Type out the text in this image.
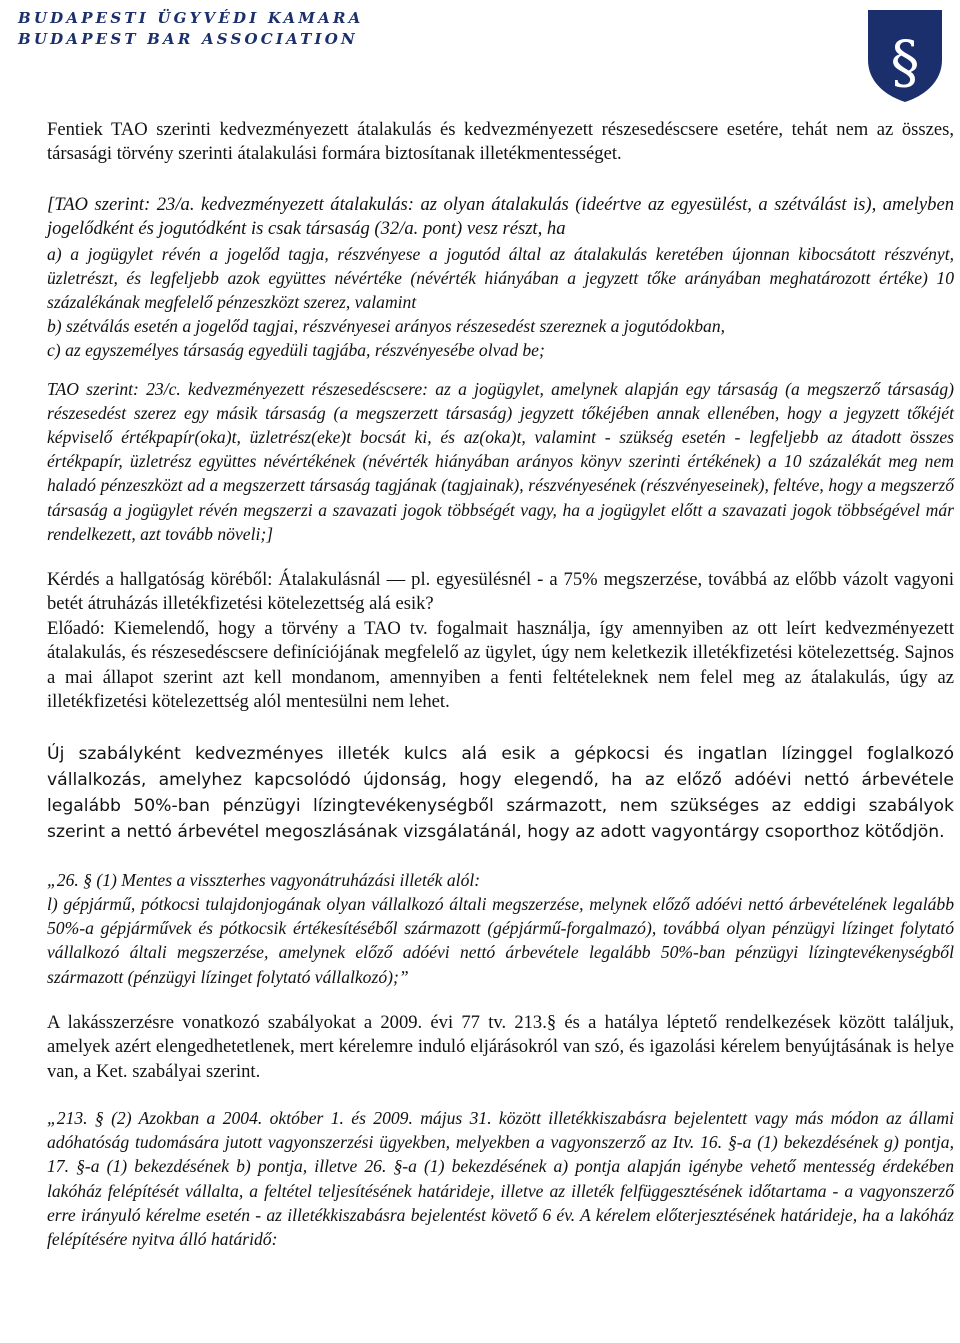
BUDAPESTI ÜGYVÉDI KAMARA
BUDAPEST BAR ASSOCIATION	§

Fentiek TAO szerinti kedvezményezett átalakulás és kedvezményezett részesedéscsere esetére, tehát nem az összes, társasági törvény szerinti átalakulási formára biztosítanak illetékmentességet.

[TAO szerint: 23/a. kedvezményezett átalakulás: az olyan átalakulás (ideértve az egyesülést, a szétválást is), amelyben jogelődként és jogutódként is csak társaság (32/a. pont) vesz részt, ha

a) a jogügylet révén a jogelőd tagja, részvényese a jogutód által az átalakulás keretében újonnan kibocsátott részvényt, üzletrészt, és legfeljebb azok együttes névértéke (névérték hiányában a jegyzett tőke arányában meghatározott értéke) 10 százalékának megfelelő pénzeszközt szerez, valamint

b) szétválás esetén a jogelőd tagjai, részvényesei arányos részesedést szereznek a jogutódokban,

c) az egyszemélyes társaság egyedüli tagjába, részvényesébe olvad be;

TAO szerint: 23/c. kedvezményezett részesedéscsere: az a jogügylet, amelynek alapján egy társaság (a megszerző társaság) részesedést szerez egy másik társaság (a megszerzett társaság) jegyzett tőkéjében annak ellenében, hogy a jegyzett tőkéjét képviselő értékpapír(oka)t, üzletrész(eke)t bocsát ki, és az(oka)t, valamint - szükség esetén - legfeljebb az átadott összes értékpapír, üzletrész együttes névértékének (névérték hiányában arányos könyv szerinti értékének) a 10 százalékát meg nem haladó pénzeszközt ad a megszerzett társaság tagjának (tagjainak), részvényesének (részvényeseinek), feltéve, hogy a megszerző társaság a jogügylet révén megszerzi a szavazati jogok többségét vagy, ha a jogügylet előtt a szavazati jogok többségével már rendelkezett, azt tovább növeli;]

Kérdés a hallgatóság köréből: Átalakulásnál — pl. egyesülésnél - a 75% megszerzése, továbbá az előbb vázolt vagyoni betét átruházás illetékfizetési kötelezettség alá esik?

Előadó: Kiemelendő, hogy a törvény a TAO tv. fogalmait használja, így amennyiben az ott leírt kedvezményezett átalakulás, és részesedéscsere definíciójának megfelelő az ügylet, úgy nem keletkezik illetékfizetési kötelezettség. Sajnos a mai állapot szerint azt kell mondanom, amennyiben a fenti feltételeknek nem felel meg az átalakulás, úgy az illetékfizetési kötelezettség alól mentesülni nem lehet.

Új szabályként kedvezményes illeték kulcs alá esik a gépkocsi és ingatlan lízinggel foglalkozó vállalkozás, amelyhez kapcsolódó újdonság, hogy elegendő, ha az előző adóévi nettó árbevétele legalább 50%-ban pénzügyi lízingtevékenységből származott, nem szükséges az eddigi szabályok szerint a nettó árbevétel megoszlásának vizsgálatánál, hogy az adott vagyontárgy csoporthoz kötődjön.

„26. § (1) Mentes a visszterhes vagyonátruházási illeték alól:

l) gépjármű, pótkocsi tulajdonjogának olyan vállalkozó általi megszerzése, melynek előző adóévi nettó árbevételének legalább 50%-a gépjárművek és pótkocsik értékesítéséből származott (gépjármű-forgalmazó), továbbá olyan pénzügyi lízinget folytató vállalkozó általi megszerzése, amelynek előző adóévi nettó árbevétele legalább 50%-ban pénzügyi lízingtevékenységből származott (pénzügyi lízinget folytató vállalkozó);”

A lakásszerzésre vonatkozó szabályokat a 2009. évi 77 tv. 213.§ és a hatálya léptető rendelkezések között találjuk, amelyek azért elengedhetetlenek, mert kérelemre induló eljárásokról van szó, és igazolási kérelem benyújtásának is helye van, a Ket. szabályai szerint.

„213. § (2) Azokban a 2004. október 1. és 2009. május 31. között illetékkiszabásra bejelentett vagy más módon az állami adóhatóság tudomására jutott vagyonszerzési ügyekben, melyekben a vagyonszerző az Itv. 16. §-a (1) bekezdésének g) pontja, 17. §-a (1) bekezdésének b) pontja, illetve 26. §-a (1) bekezdésének a) pontja alapján igénybe vehető mentesség érdekében lakóház felépítését vállalta, a feltétel teljesítésének határideje, illetve az illeték felfüggesztésének időtartama - a vagyonszerző erre irányuló kérelme esetén - az illetékkiszabásra bejelentést követő 6 év. A kérelem előterjesztésének határideje, ha a lakóház felépítésére nyitva álló határidő:
